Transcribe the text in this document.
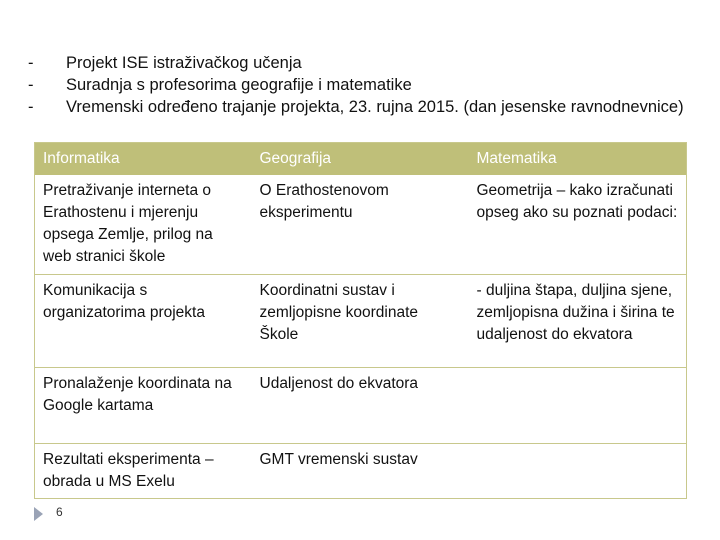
- Projekt ISE istraživačkog učenja
- Suradnja s profesorima geografije i matematike
- Vremenski određeno trajanje projekta, 23. rujna 2015. (dan jesenske ravnodnevnice)
Informatika	Geografija	Matematika
Pretraživanje interneta o Erathostenu i mjerenju opsega Zemlje, prilog na web stranici škole	O Erathostenovom eksperimentu	Geometrija – kako izračunati opseg ako su poznati podaci:
Komunikacija s organizatorima projekta	Koordinatni sustav i zemljopisne koordinate Škole	- duljina štapa, duljina sjene, zemljopisna dužina i širina te udaljenost do ekvatora
Pronalaženje koordinata na Google kartama	Udaljenost do ekvatora	
Rezultati eksperimenta – obrada u MS Exelu	GMT vremenski sustav	
6
